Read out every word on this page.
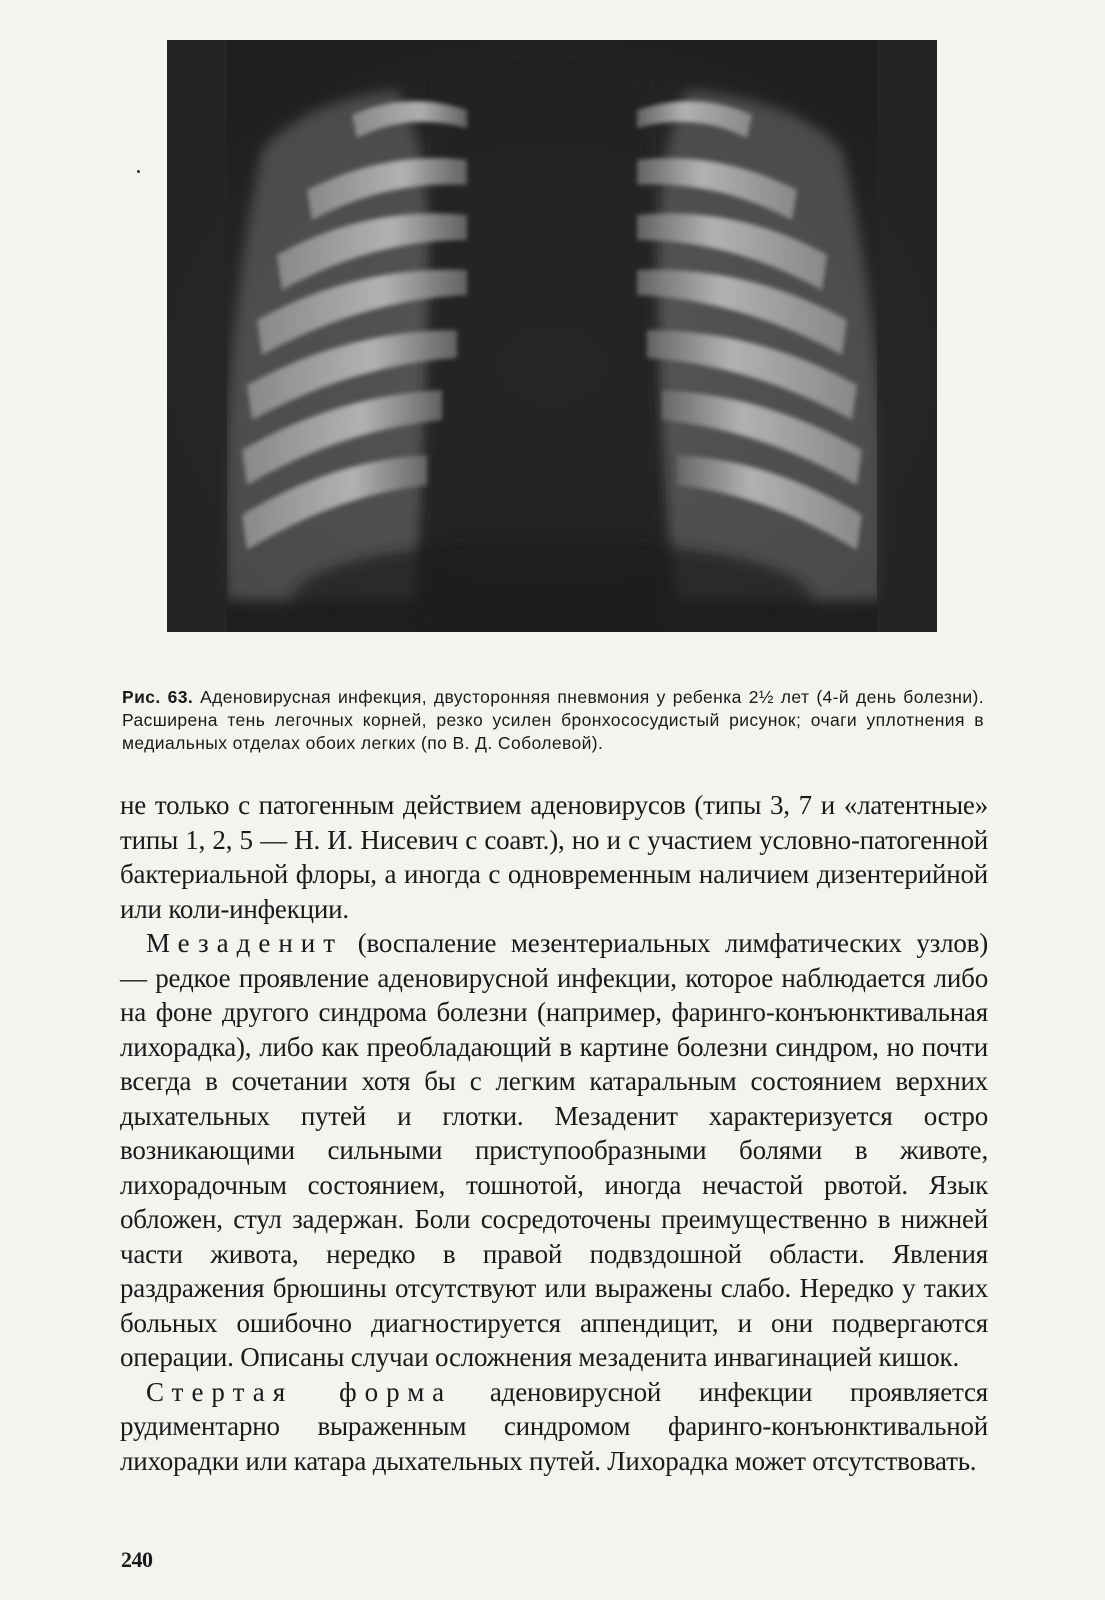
Рис. 63. Аденовирусная инфекция, двусторонняя пневмония у ребенка 2½ лет (4-й день болезни). Расширена тень легочных корней, резко усилен бронхососудистый рисунок; очаги уплотнения в медиальных отделах обоих легких (по В. Д. Соболевой).

не только с патогенным действием аденовирусов (типы 3, 7 и «латентные» типы 1, 2, 5 — Н. И. Нисевич с соавт.), но и с участием условно-патогенной бактериальной флоры, а иногда с одновременным наличием дизентерийной или коли-инфекции.

Мезаденит (воспаление мезентериальных лимфатических узлов) — редкое проявление аденовирусной инфекции, которое наблюдается либо на фоне другого синдрома болезни (например, фаринго-конъюнктивальная лихорадка), либо как преобладающий в картине болезни синдром, но почти всегда в сочетании хотя бы с легким катаральным состоянием верхних дыхательных путей и глотки. Мезаденит характеризуется остро возникающими сильными приступообразными болями в животе, лихорадочным состоянием, тошнотой, иногда нечастой рвотой. Язык обложен, стул задержан. Боли сосредоточены преимущественно в нижней части живота, нередко в правой подвздошной области. Явления раздражения брюшины отсутствуют или выражены слабо. Нередко у таких больных ошибочно диагностируется аппендицит, и они подвергаются операции. Описаны случаи осложнения мезаденита инвагинацией кишок.

Стертая форма аденовирусной инфекции проявляется рудиментарно выраженным синдромом фаринго-конъюнктивальной лихорадки или катара дыхательных путей. Лихорадка может отсутствовать.

240
